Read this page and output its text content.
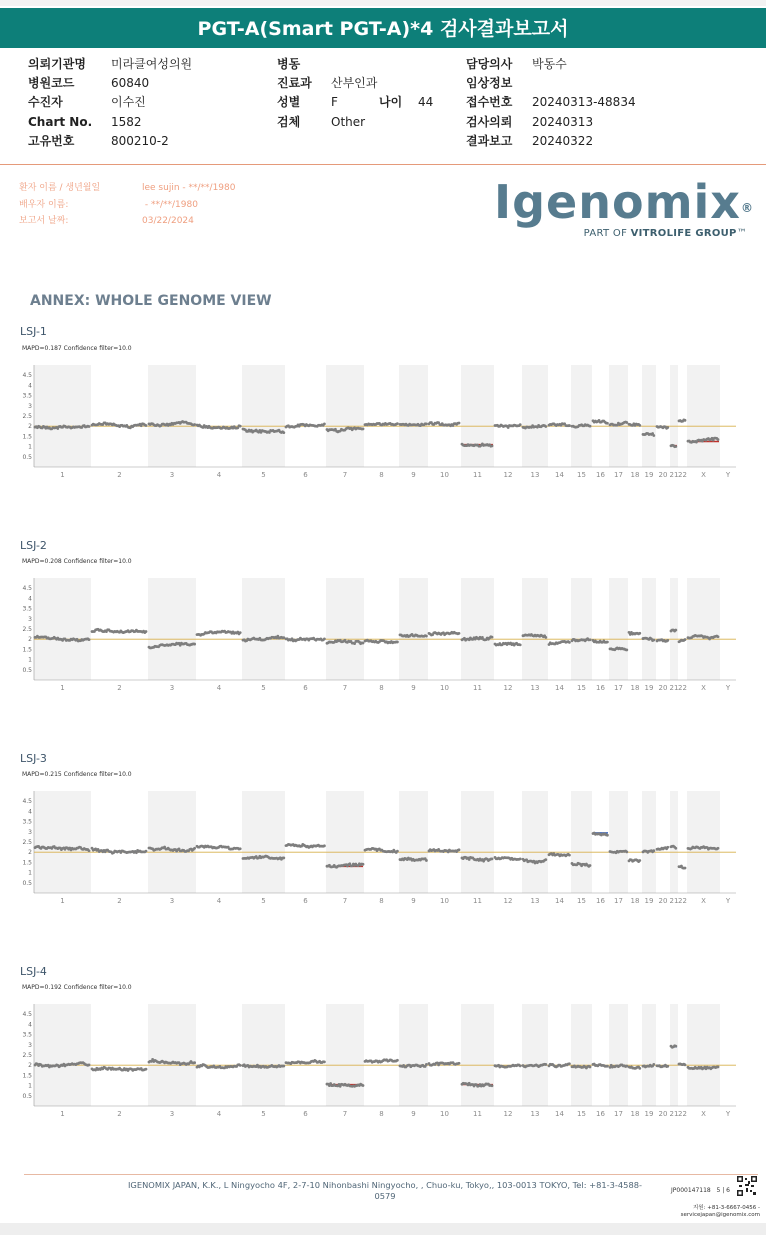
PGT-A(Smart PGT-A)*4 검사결과보고서
의뢰기관명 미라클여성의원
병원코드	60840
수진자	이수진
Chart No. 1582
고유번호	800210-2
병동
진료과 산부인과
성별	F	나이 44
검체	Other
담당의사 박동수
임상정보
접수번호 20240313-48834
검사의뢰 20240313
결과보고 20240322
환자 이름 / 생년월일	lee sujin - **/**/1980
배우자 이름:	- **/**/1980
보고서 날짜:	03/22/2024	Igenomix®
PART OF VITROLIFE GROUP™
ANNEX: WHOLE GENOME VIEW
LSJ-1
MAPD=0.187 Confidence filter=10.0
1	2	3	4	5	6	7	8	9	10	11	12	13 14 15 16 17 18 19 20 21 22 X	Y
4.5
4
3.5
3
2.5
2
1.5
1
0.5
LSJ-2
MAPD=0.208 Confidence filter=10.0
1	2	3	4	5	6	7	8	9	10	11	12	13 14 15 16 17 18 19 20 21 22 X	Y
4.5
4
3.5
3
2.5
2
1.5
1
0.5
LSJ-3
MAPD=0.215 Confidence filter=10.0
1	2	3	4	5	6	7	8	9	10	11	12	13 14 15 16 17 18 19 20 21 22 X	Y
4.5
4
3.5
3
2.5
2
1.5
1
0.5
LSJ-4
MAPD=0.192 Confidence filter=10.0
1	2	3	4	5	6	7	8	9	10	11	12	13 14 15 16 17 18 19 20 21 22 X	Y
4.5
4
3.5
3
2.5
2
1.5
1
0.5
IGENOMIX JAPAN, K.K., L Ningyocho 4F, 2-7-10 Nihonbashi Ningyocho, , Chuo-ku, Tokyo,, 103-0013 TOKYO, Tel: +81-3-4588-0579
JP000147118 5 | 6
지원: +81-3-6667-0456 -
servicejapan@igenomix.com
